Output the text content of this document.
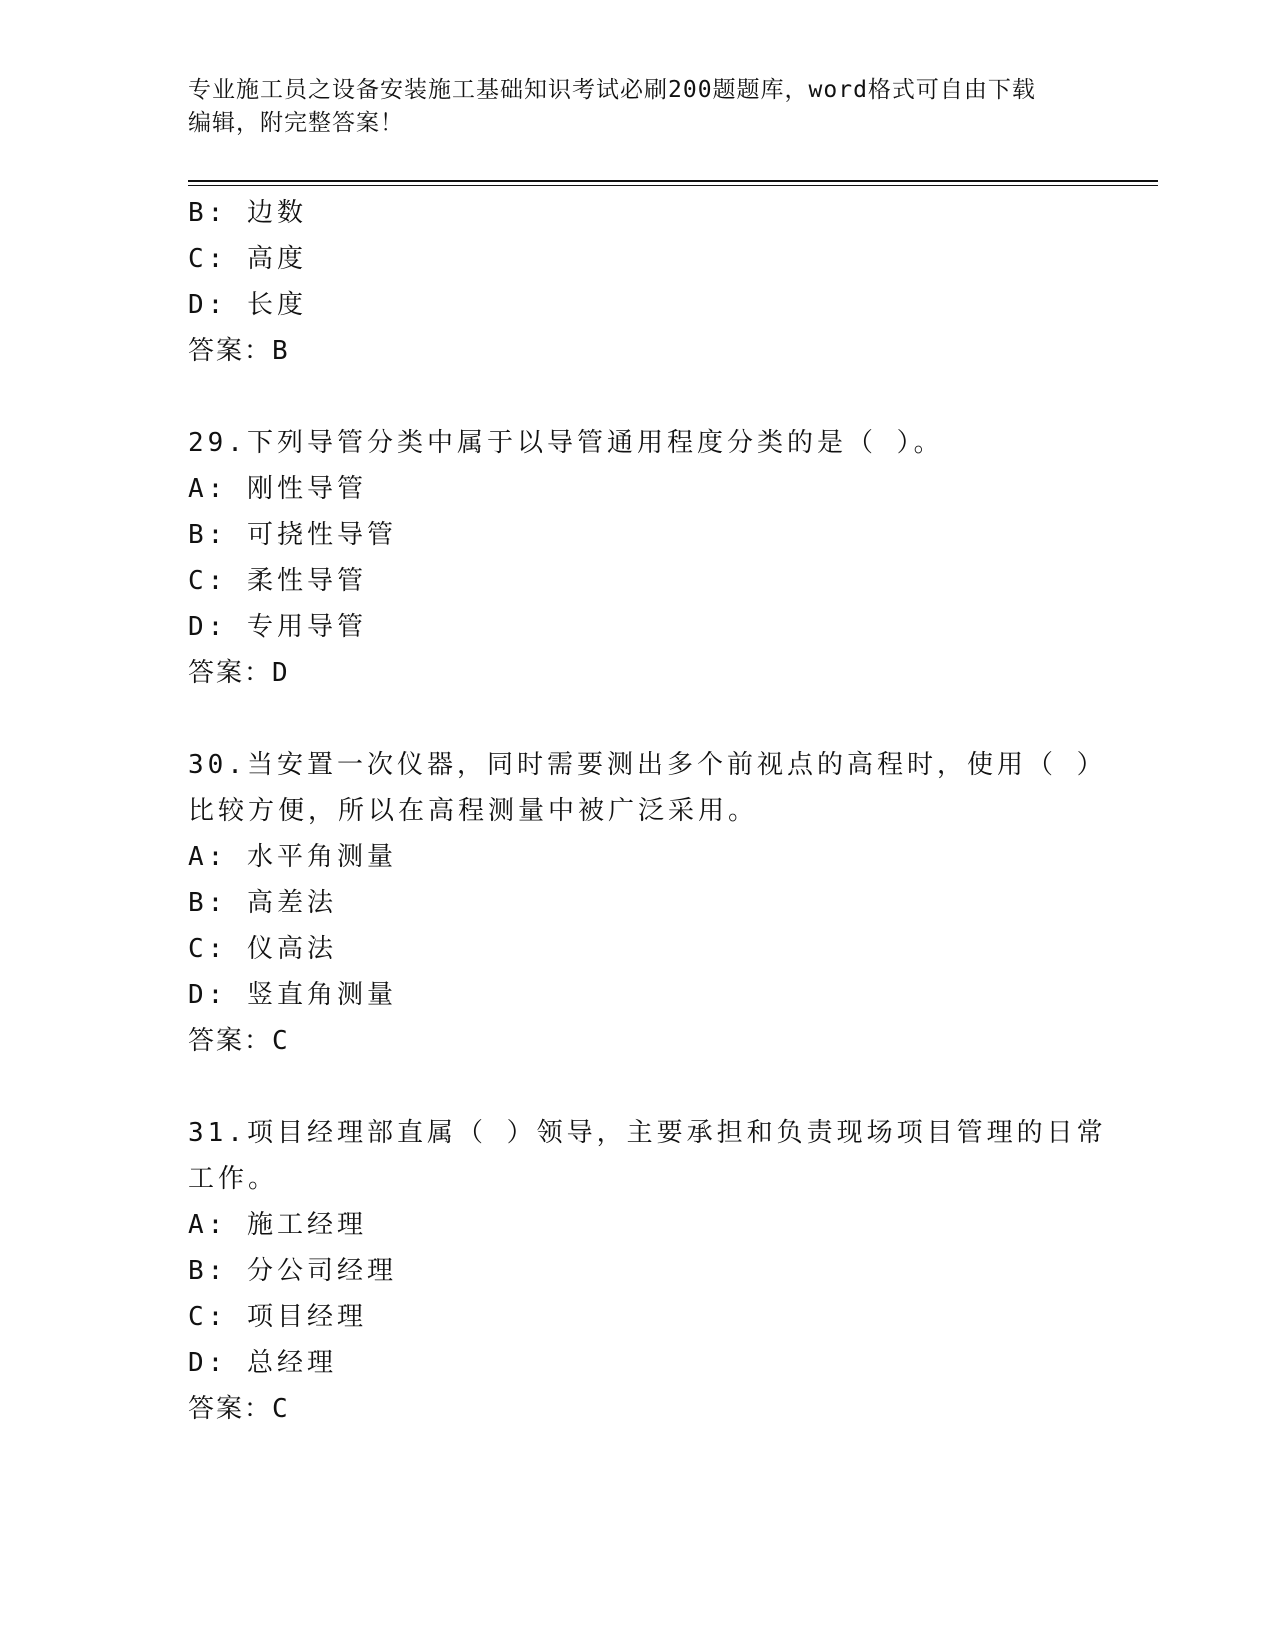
专业施工员之设备安装施工基础知识考试必刷200题题库，word格式可自由下载
编辑，附完整答案！
B: 边数
C: 高度
D: 长度
答案：B
29.下列导管分类中属于以导管通用程度分类的是（ ）。
A: 刚性导管
B: 可挠性导管
C: 柔性导管
D: 专用导管
答案：D
30.当安置一次仪器，同时需要测出多个前视点的高程时，使用（ ）
比较方便，所以在高程测量中被广泛采用。
A: 水平角测量
B: 高差法
C: 仪高法
D: 竖直角测量
答案：C
31.项目经理部直属（ ）领导，主要承担和负责现场项目管理的日常
工作。
A: 施工经理
B: 分公司经理
C: 项目经理
D: 总经理
答案：C
